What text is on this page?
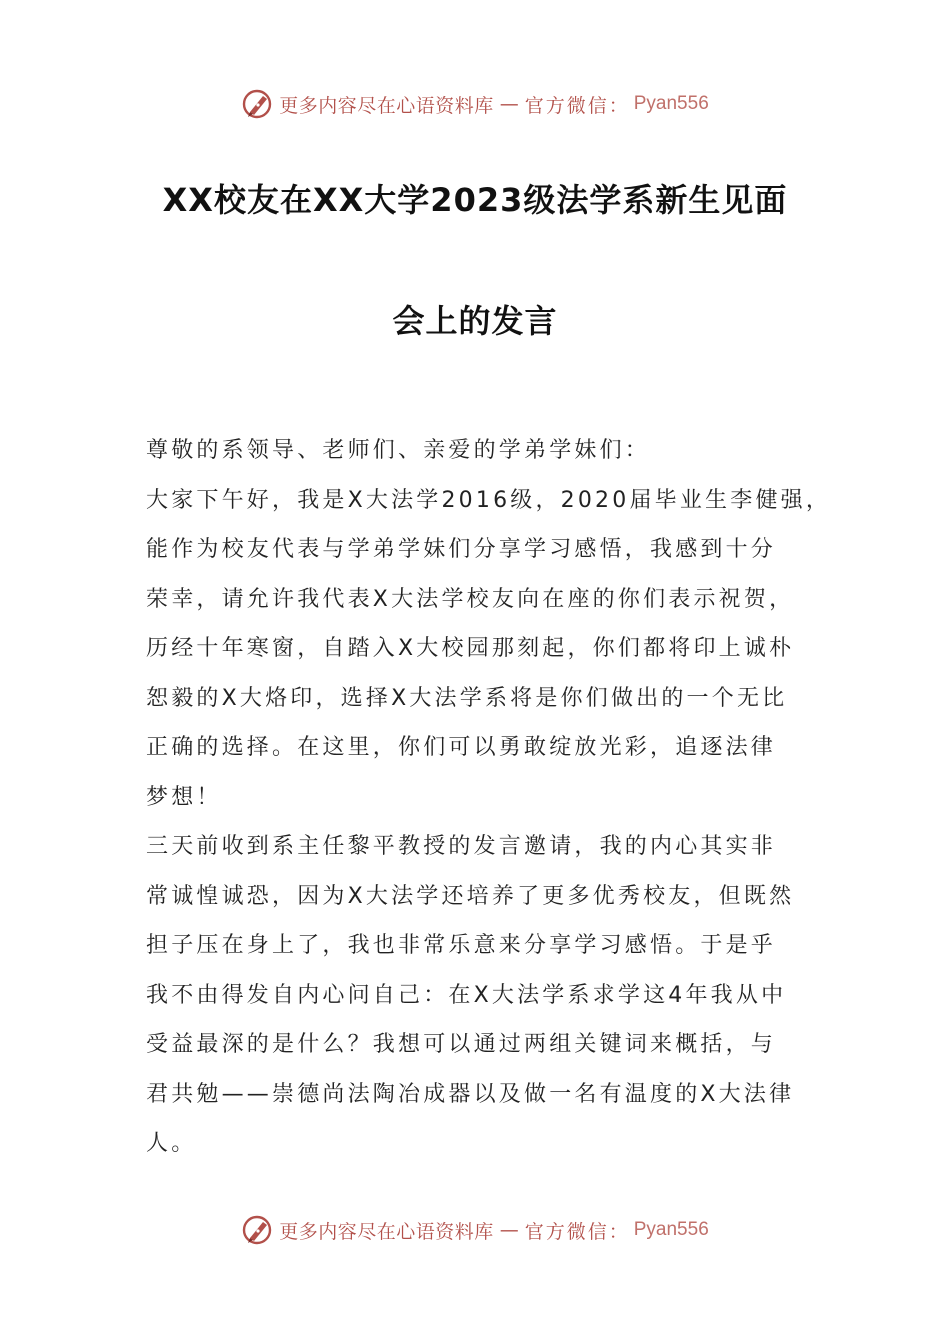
更多内容尽在心语资料库 — 官方微信： Pyan556
XX校友在XX大学2023级法学系新生见面
会上的发言
尊敬的系领导、老师们、亲爱的学弟学妹们：
大家下午好，我是X大法学2016级，2020届毕业生李健强，
能作为校友代表与学弟学妹们分享学习感悟，我感到十分
荣幸，请允许我代表X大法学校友向在座的你们表示祝贺，
历经十年寒窗，自踏入X大校园那刻起，你们都将印上诚朴
恕毅的X大烙印，选择X大法学系将是你们做出的一个无比
正确的选择。在这里，你们可以勇敢绽放光彩，追逐法律
梦想！
三天前收到系主任黎平教授的发言邀请，我的内心其实非
常诚惶诚恐，因为X大法学还培养了更多优秀校友，但既然
担子压在身上了，我也非常乐意来分享学习感悟。于是乎
我不由得发自内心问自己：在X大法学系求学这4年我从中
受益最深的是什么？我想可以通过两组关键词来概括，与
君共勉——崇德尚法陶冶成器以及做一名有温度的X大法律
人。
更多内容尽在心语资料库 — 官方微信： Pyan556
